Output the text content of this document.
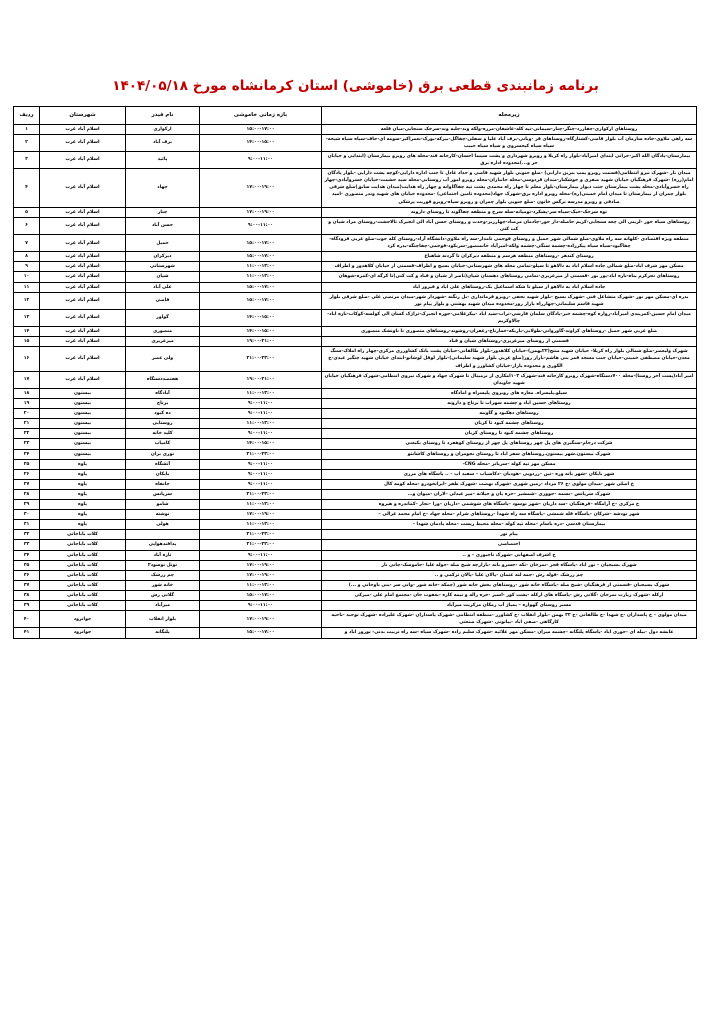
برنامه زمانبندی قطعی برق (خاموشی) استان کرمانشاه مورخ ۱۴۰۴/۰۵/۱۸
زیرمحله	بازه زمانی خاموشی	نام فیدر	شهرستان	ردیف
روستاهای ارکوازی-چقازرد-چنگر-چنار-سیمانی-تپه کله-عاشقان-مرزه-ولکه وند-جلبه وند-سرخک سنجابی-میان قلعه	۱۵:۰۰-۱۷:۰۰	ارکوازی	اسلام آباد غرب	۱
سه راهی ملاوی-جاده سازمان آب بلوار قاضی-کشتارگاه-روستاهای قر -وبانی-برف آباد علیا و سفلی-چقاگل-بیرکه-بورک-نعمراکبر-سومه ای-جاف-سیاه سیاه شیخه-سیاه سیاه کیخسروی و سیاه سیاه حبیب	۱۴:۰۰-۱۵:۰۰	برف آباد	اسلام آباد غرب	۲
بیمارستان-پادگان الله اکبر-خرانی ابتدای امیرآباد-بلوار راه کربلا و روبرو شهرداری و پشت سینما احسان-کارخانه قند-محله های روبرو بیمارستان (ابتدایی و خیابان حر و...)محدوده اداره برق	۹:۰۰-۱۱:۰۰	پائید	اسلام آباد غرب	۳
میدان بار -شهرک نیرو انتظامی(قسمت روبرو پمپ بنزین دارابی) -ضلع جنوبی بلوار شهید قاضی و حداد عادل تا جنب اداره دارایی-کوچه پشت دارایی -بلوار پادگان امام(زره) -شهرک فرهنگیان خیابان شهید صفری و خوشکنار-میدان فردوسی-محله جانبازان-محله روبرو امور آب روستایی-محله سید حشمت-خیابان خسروآبادی-چهار راه خسروآبادی-محله پشت بیمارستان جنب دیوار بیمارستان-بلوار معلم تا چهار راه محمدی پشت تپه چقاگاوانه و چهار راه هدایت(میدان هدایت سابق)ضلع شرقی بلوار چمران از بیمارستان تا میدان امام خمینی(ره)-محله روبرو اداره برق-شهرک جهاد(محدوده تامین اجتماعی) -محدوده خیابان های شهید وندر منصوری -امید صادقی و روبرو مدرسه نرگس خانون -ضلع جنوبی بلوار چمران و روبرو سپاه-روبرو فوریت پزشکی	۱۷:۰۰-۱۹:۰۰	جهاد	اسلام آباد غرب	۴
توه سرخک-خیک-سیاه سر-پشکرد-تومیانه-سله سرخ و منطقه چقاگوند تا روستای دارونه	۱۷:۰۰-۱۹:۰۰	چنار	اسلام آباد غرب	۵
روستاهای سیاه خور -لرینی الی چغه سنجابی-کریم حاصله-دار خور-چادمان مرصاد-چهارزبر-وحدت و روستای حسن آباد الی انجیرک تالاجشت-روستای مراد شیان و کت کتی	۹:۰۰-۱۱:۰۰	حسن آباد	اسلام آباد غرب	۶
منطقه ویژه اقتصادی -کلهانه سه راه ملاوی-ضلع شمالی شهر حمیل و روستای فوجمی نامدار-سه راه ملاوی-دانشگاه آزاد-روستای کله جوب-ضلع غربی فرودگاه-چقاگبود-سیاه سیاه پیکرزاده-چشمه سنگی-چشمه ولکه-امیرآباد خانمنصور-سربکود-فوجمی-چقاچنگه-بدره کرد	۱۵:۰۰-۱۷:۰۰	حمیل	اسلام آباد غرب	۷
روستای کندهر -روستاهای منطقه هرسم و منطقه دیرکران تا گردنه شاهباغ	۱۵:۰۰-۱۷:۰۰	دیرکران	اسلام آباد غرب	۸
مسکن مهر شرف اباد-ضلع شمالی جاده اسلام اباد به دالاهو تا سیلو-تمامی محله های شهرستانی-خیابان بسیج و اطراف-قسمتی از خیابان کلاهدوز و اطراف	۱۱:۰۰-۱۳:۰۰	شهرستانی	اسلام آباد غرب	۹
روستاهای تجرکرم پناه-نازه اباد-پور بور -قسمتی از میرعزیزی-تمامی روستاهای دهستان شیان(ناصر از شیان و قباد و کت کتی)تا کرگه ای-کمره-شوهان	۱۱:۰۰-۱۳:۰۰	شیان	اسلام آباد غرب	۱۰
جاده اسلام اباد به دالاهو از سیلو تا شکه اسماعیل بک-روستاهای علی اباد و فیروز اباد	۱۵:۰۰-۱۷:۰۰	علی آباد	اسلام آباد غرب	۱۱
بدره ای-مسکن مهر نور -شهرک متشاغل فنی -شهرک بسیج -بلوار شهید نجفی -روبرو فرمانداری -بل زنگنه -شهردار شهر-میدان مرتضی علی -ضلع شرقی بلوار شهید قاسم سلیمانی-چهارراه بازار روز-محدوده میدان شهید بهشتی و بلوار پیام نور	۱۵:۰۰-۱۷:۰۰	قاضی	اسلام آباد غرب	۱۲
میدان امام حسین-کمربندی امیرآباد-زواره کوه-چشمه خبر-پادگان سلمان فارسی-تراب-سید اباد -بیکرغلامی-جوزه انجیرک-تراژک کسان الی کولسه-کوکاب-نازه اباد-چالاوکریم	۱۴:۰۰-۱۵:۰۰	گواور	اسلام آباد غرب	۱۳
ضلع غربی شهر حمیل -روستاهای کراوند-گاورواني-طولابی-باریکه-خمارناج-زعفران-روشوند-روستاهای منصوری تا ناونشک منصوری	۱۴:۰۰-۱۵:۰۰	منصوری	اسلام آباد غرب	۱۴
قسمتی از روستای میرعزیزی-روستاهای شیان و قباد	۱۹:۰۰-۲۱:۰۰	میرعزیزی	اسلام آباد غرب	۱۵
شهرک ولیعصر-ضلع شمالی بلوار راه کربلا- خیابان شهید منتج(۲۲بهمن)-خیابان کلاهدوز-بلوار طالقانی-خیابان پشت بانک کشاورزی مرکزی-چهار راه املاک-سنگ معدن-خیابان مصطفی خمینی-خیابان جنب مسجد قمر بنی هاشم-بازار روز(ضلع غربی بلوار شهید سلیمانی)-بلوار لوفل لوشانو-ابتدای خیابان شهید چنگیز عبدی-خ الکوری و محدوده بازار-خیابان کشاورز و اطراف	۲۱:۰۰-۲۳:۰۰	ولی عصر	اسلام آباد غرب	۱۶
امیر آباد(پست آخر روستا)-محله ۷۰۰دستگاه-شهرک روبرو کارخانه قند-شهرک ۱۰۳امکاری از نرمینال تا شهرک جهاد و شهرک نیروی انتظامی-شهرک فرهنگیان خیابان شهید جاویدان	۱۹:۰۰-۲۱:۰۰	هفتصددستگاه	اسلام آباد غرب	۱۷
سیلو.پلیسراه. مغازه های روبروی پلیسراه و امادگاه	۱۱:۰۰-۱۳:۰۰	آبادگاه	بیستون	۱۸
روستاهای حسین اباد و چشمه سهراب تا برناج و دارونه	۹:۰۰-۱۱:۰۰	برناج	بیستون	۱۹
روستاهای دهکبود و گاوینه	۹:۰۰-۱۱:۰۰	ده کبود	بیستون	۲۰
روستاهای چشمه کبود تا کربان	۱۱:۰۰-۱۳:۰۰	روستایی	بیستون	۲۱
روستاهای چشمه کبود تا روستای کربان	۹:۰۰-۱۱:۰۰	کلید خانه	بیستون	۲۲
شرکت درجام-سنگبری های پل چهر روستاهای پل چهر از روستای کوهفرد تا روستای بکبغنی	۱۴:۰۰-۱۵:۰۰	کامیاب	بیستون	۲۳
شهرک بیستون.شهر بیستون.روستاهای سفر اباد تا روستای نجومران و روستاهای کاشانتو	۲۱:۰۰-۲۳:۰۰	نوزی بران	بیستون	۲۴
مسکن مهر تپه کوله –سربانر –محله CNG-	۹:۰۰-۱۱:۰۰	آتشگاه	پاوه	۲۵
شهر بابکان –شهر بانه وره –تین –زردویی –هودیان –دکاسیاب – سفید اب – .. پاسگاه های مرزی	۹:۰۰-۱۱:۰۰	بابکان	پاوه	۲۶
خ اصلی شهر -میدان مولوی -خ ۲۶ مرداد -زمین شهری -شهرک نهضت -شهرک ظفر -ابرانخودرو -محله کومه کال	۹:۰۰-۱۱:۰۰	خانقاه	پاوه	۲۷
شهرک سرپانس –نسمه –جووزی –شمشیر –خره یان و جیلانه –میر عبدلی –لاران –میوان و…	۲۱:۰۰-۲۳:۰۰	سرپانس	پاوه	۲۸
خ مرکزی –خ آرامگاه –فرهنگیان –سد داریان –شهر نوسود –پاسگاه های شوشمی –داریان –ورا –نجار –کماندره و هیروه	۱۱:۰۰-۱۳:۰۰	شامو	پاوه	۲۹
شهر نودشه –شرکان –پاسگاه قله شمشی –پاسگاه سه راه شهدا –روستاهای شرام –محله جهاد –خ امام محمد غزالی –	۱۷:۰۰-۱۹:۰۰	نوشته	پاوه	۳۰
بیمارستان قدسی –دره باسام –محله تپه کوله –محله محیط زیست –محله پادمان شهدا –	۱۱:۰۰-۱۳:۰۰	هولی	پاوه	۳۱
پیام نور	۲۱:۰۰-۲۳:۰۰		کلات باباجانی	۳۲
اختصاصی	۲۱:۰۰-۲۳:۰۰	پدافندهوایی	کلات باباجانی	۳۳
خ اشرف اصفهانی -شهرک تاجبوزی – و ..	۹:۰۰-۱۱:۰۰	تازه آباد	کلات باباجانی	۳۴
شهرک بسیجیان – نور اباد -پاسگاه قجر -نمرخان -نکه -خسرو بانه -بازارچه شیخ صله -جوله علیا -جاموسک-چانی نار	۱۷:۰۰-۱۹:۰۰	توتل نوسود۲	کلات باباجانی	۳۵
چم زرشک -فوله رش -جمه لنه عثمان -پالان علیا -پالان ترکمی و ..	۱۷:۰۰-۱۹:۰۰	چم زرشک	کلات باباجانی	۳۶
شهرک بسیجیان -قسمتی از فرهنگیان -شیخ صله -پاسگاه خانه شور -روستاهای بخش خانه شور (چمکه -خانه شور -وانی سر -بنی ناوخانی و ...)	۱۱:۰۰-۱۳:۰۰	خانه شور	کلات باباجانی	۳۷
ارکله -شهرک زیارت نمرخان -گلانی رش -پاسگاه های ارکله -پشت کور -اسیر -خره زاله و نیمه کاره -یعقوب جان -مجتمع امام علی -میرکی	۱۵:۰۰-۱۷:۰۰	گلانی رش	کلات باباجانی	۳۸
مسیر روستای گهواره – پمپاژ آب زمکان مرکزیت میرآباد	۹:۰۰-۱۱:۰۰	میرآباد	کلات باباجانی	۳۹
میدان مولوی – خ پاسداران -خ شهدا -خ طالقانی -خ ۲۲ بهمن -بلوار انقلاب -خ کشاورز -منطقه انتظامی -شهرک پاسداران -شهرک علیزاده -شهرک توحید -ناحیه کارگاهی -صفی اباد -بیاتونی -شهرک صنعتی	۱۷:۰۰-۱۹:۰۰	بلوار انقلاب	جوانرود	۴۰
عابشه دول -بیله ای -حوری اباد -پاسگاه پلنگانه -چشمه میران -مسکن مهر علائیه -شهرک سلیم زاده -شهرک سیاه -سه راه تربیت بدنی- نوروز اباد و	۱۵:۰۰-۱۷:۰۰	پلنگانه	جوانرود	۴۱
